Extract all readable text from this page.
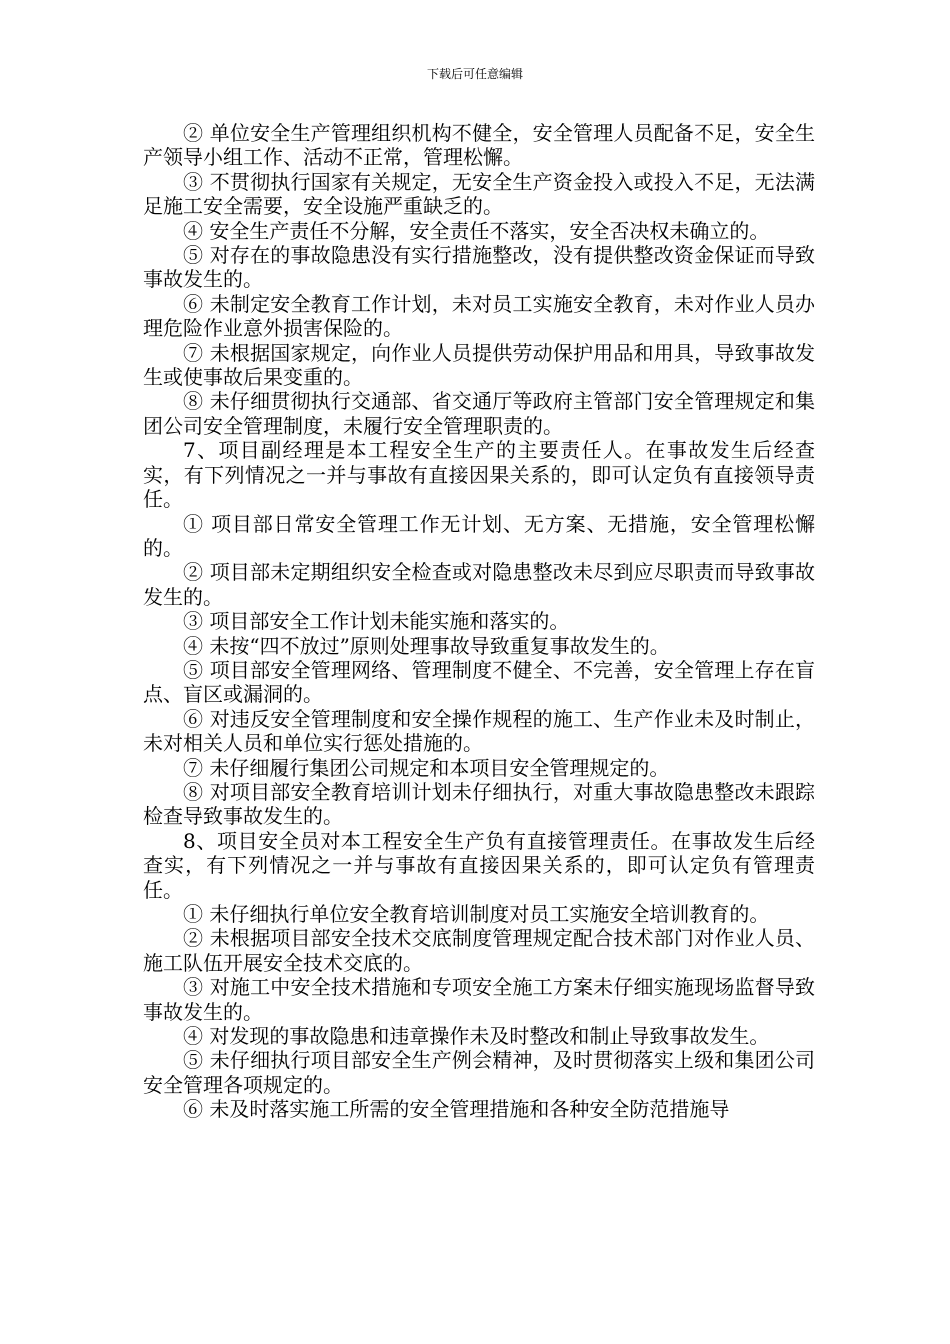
下载后可任意编辑

② 单位安全生产管理组织机构不健全，安全管理人员配备不足，安全生产领导小组工作、活动不正常，管理松懈。

③ 不贯彻执行国家有关规定，无安全生产资金投入或投入不足，无法满足施工安全需要，安全设施严重缺乏的。

④ 安全生产责任不分解，安全责任不落实，安全否决权未确立的。

⑤ 对存在的事故隐患没有实行措施整改，没有提供整改资金保证而导致事故发生的。

⑥ 未制定安全教育工作计划，未对员工实施安全教育，未对作业人员办理危险作业意外损害保险的。

⑦ 未根据国家规定，向作业人员提供劳动保护用品和用具，导致事故发生或使事故后果变重的。

⑧ 未仔细贯彻执行交通部、省交通厅等政府主管部门安全管理规定和集团公司安全管理制度，未履行安全管理职责的。

7、项目副经理是本工程安全生产的主要责任人。在事故发生后经查实，有下列情况之一并与事故有直接因果关系的，即可认定负有直接领导责任。

① 项目部日常安全管理工作无计划、无方案、无措施，安全管理松懈的。

② 项目部未定期组织安全检查或对隐患整改未尽到应尽职责而导致事故发生的。

③ 项目部安全工作计划未能实施和落实的。

④ 未按“四不放过”原则处理事故导致重复事故发生的。

⑤ 项目部安全管理网络、管理制度不健全、不完善，安全管理上存在盲点、盲区或漏洞的。

⑥ 对违反安全管理制度和安全操作规程的施工、生产作业未及时制止，未对相关人员和单位实行惩处措施的。

⑦ 未仔细履行集团公司规定和本项目安全管理规定的。

⑧ 对项目部安全教育培训计划未仔细执行，对重大事故隐患整改未跟踪检查导致事故发生的。

8、项目安全员对本工程安全生产负有直接管理责任。在事故发生后经查实，有下列情况之一并与事故有直接因果关系的，即可认定负有管理责任。

① 未仔细执行单位安全教育培训制度对员工实施安全培训教育的。

② 未根据项目部安全技术交底制度管理规定配合技术部门对作业人员、施工队伍开展安全技术交底的。

③ 对施工中安全技术措施和专项安全施工方案未仔细实施现场监督导致事故发生的。

④ 对发现的事故隐患和违章操作未及时整改和制止导致事故发生。

⑤ 未仔细执行项目部安全生产例会精神，及时贯彻落实上级和集团公司安全管理各项规定的。

⑥ 未及时落实施工所需的安全管理措施和各种安全防范措施导
